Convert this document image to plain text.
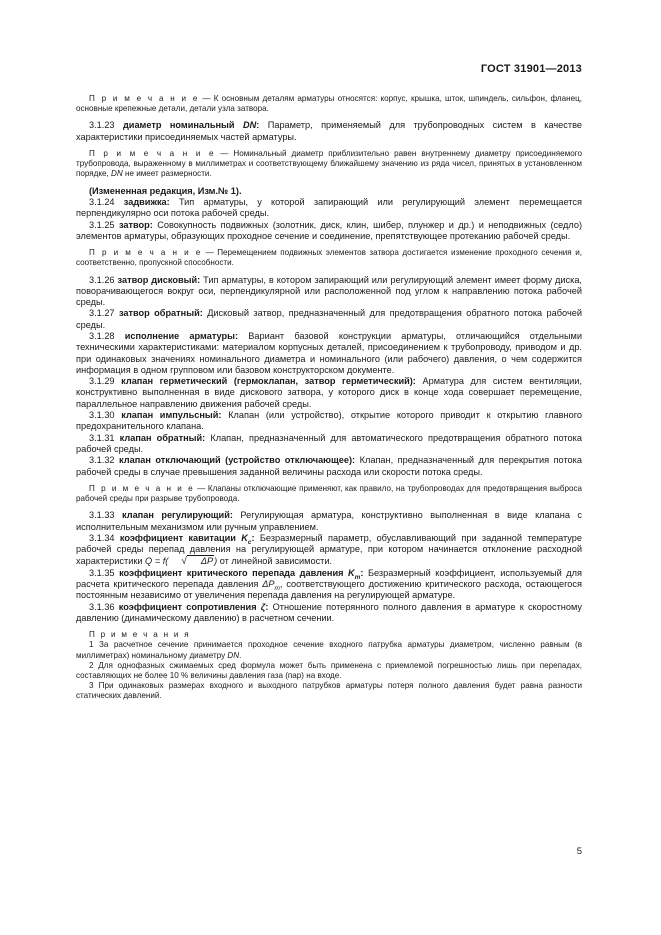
ГОСТ 31901—2013

П р и м е ч а н и е — К основным деталям арматуры относятся: корпус, крышка, шток, шпиндель, сильфон, фланец, основные крепежные детали, детали узла затвора.

3.1.23 диаметр номинальный DN: Параметр, применяемый для трубопроводных систем в качестве характеристики присоединяемых частей арматуры.

П р и м е ч а н и е — Номинальный диаметр приблизительно равен внутреннему диаметру присоединяемого трубопровода, выраженному в миллиметрах и соответствующему ближайшему значению из ряда чисел, принятых в установленном порядке, DN не имеет размерности.

(Измененная редакция, Изм.№ 1).

3.1.24 задвижка: Тип арматуры, у которой запирающий или регулирующий элемент перемещается перпендикулярно оси потока рабочей среды.

3.1.25 затвор: Совокупность подвижных (золотник, диск, клин, шибер, плунжер и др.) и неподвижных (седло) элементов арматуры, образующих проходное сечение и соединение, препятствующее протеканию рабочей среды.

П р и м е ч а н и е — Перемещением подвижных элементов затвора достигается изменение проходного сечения и, соответственно, пропускной способности.

3.1.26 затвор дисковый: Тип арматуры, в котором запирающий или регулирующий элемент имеет форму диска, поворачивающегося вокруг оси, перпендикулярной или расположенной под углом к направлению потока рабочей среды.

3.1.27 затвор обратный: Дисковый затвор, предназначенный для предотвращения обратного потока рабочей среды.

3.1.28 исполнение арматуры: Вариант базовой конструкции арматуры, отличающийся отдельными техническими характеристиками: материалом корпусных деталей, присоединением к трубопроводу, приводом и др. при одинаковых значениях номинального диаметра и номинального (или рабочего) давления, о чем содержится информация в одном групповом или базовом конструкторском документе.

3.1.29 клапан герметический (гермоклапан, затвор герметический): Арматура для систем вентиляции, конструктивно выполненная в виде дискового затвора, у которого диск в конце хода совершает перемещение, параллельное направлению движения рабочей среды.

3.1.30 клапан импульсный: Клапан (или устройство), открытие которого приводит к открытию главного предохранительного клапана.

3.1.31 клапан обратный: Клапан, предназначенный для автоматического предотвращения обратного потока рабочей среды.

3.1.32 клапан отключающий (устройство отключающее): Клапан, предназначенный для перекрытия потока рабочей среды в случае превышения заданной величины расхода или скорости потока среды.

П р и м е ч а н и е — Клапаны отключающие применяют, как правило, на трубопроводах для предотвращения выброса рабочей среды при разрыве трубопровода.

3.1.33 клапан регулирующий: Регулирующая арматура, конструктивно выполненная в виде клапана с исполнительным механизмом или ручным управлением.

3.1.34 коэффициент кавитации $K_c$: Безразмерный параметр, обуславливающий при заданной температуре рабочей среды перепад давления на регулирующей арматуре, при котором начинается отклонение расходной характеристики Q = f( √ ΔP) от линейной зависимости.

3.1.35 коэффициент критического перепада давления $K_m$: Безразмерный коэффициент, используемый для расчета критического перепада давления $\Delta P_m$, соответствующего достижению критического расхода, остающегося постоянным независимо от увеличения перепада давления на регулирующей арматуре.

3.1.36 коэффициент сопротивления ζ: Отношение потерянного полного давления в арматуре к скоростному давлению (динамическому давлению) в расчетном сечении.

П р и м е ч а н и я

1 За расчетное сечение принимается проходное сечение входного патрубка арматуры диаметром, численно равным (в миллиметрах) номинальному диаметру DN.

2 Для однофазных сжимаемых сред формула может быть применена с приемлемой погрешностью лишь при перепадах, составляющих не более 10 % величины давления газа (пар) на входе.

3 При одинаковых размерах входного и выходного патрубков арматуры потеря полного давления будет равна разности статических давлений.

5
